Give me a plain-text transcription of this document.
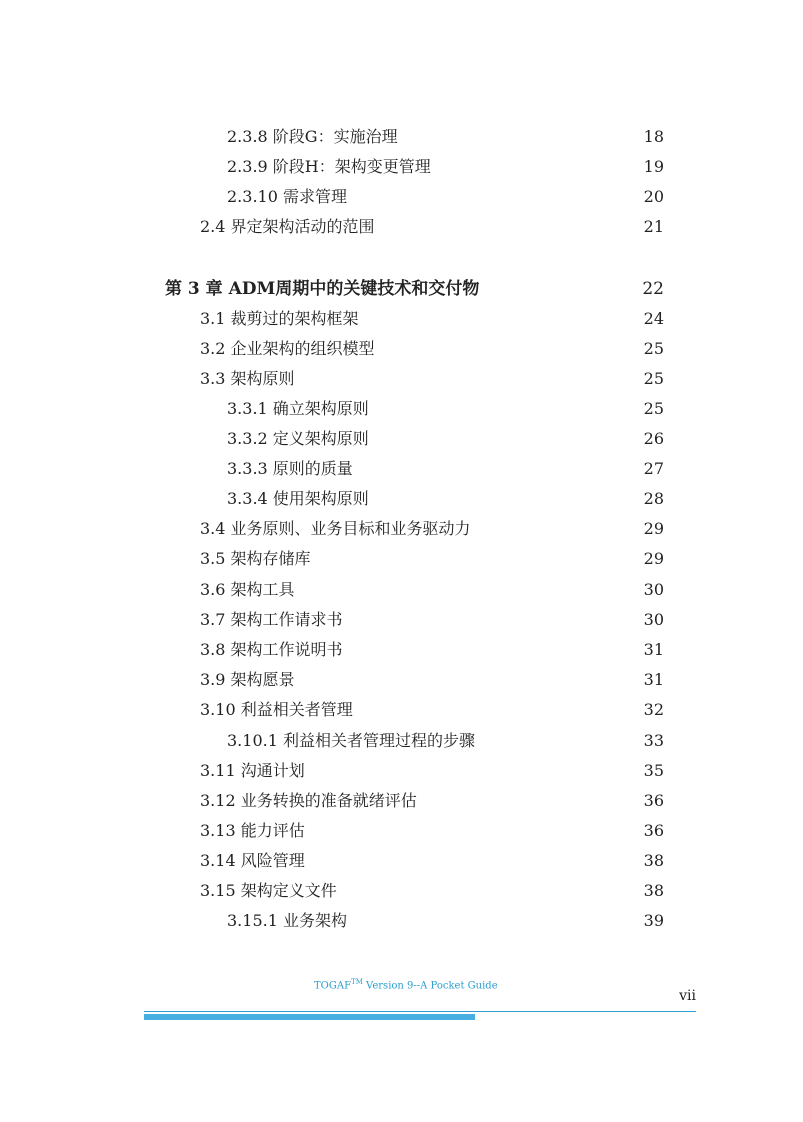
2.3.8 阶段G：实施治理	18
2.3.9 阶段H：架构变更管理	19
2.3.10 需求管理	20
2.4 界定架构活动的范围	21
第 3 章 ADM周期中的关键技术和交付物	22
3.1 裁剪过的架构框架	24
3.2 企业架构的组织模型	25
3.3 架构原则	25
3.3.1 确立架构原则	25
3.3.2 定义架构原则	26
3.3.3 原则的质量	27
3.3.4 使用架构原则	28
3.4 业务原则、业务目标和业务驱动力	29
3.5 架构存储库	29
3.6 架构工具	30
3.7 架构工作请求书	30
3.8 架构工作说明书	31
3.9 架构愿景	31
3.10 利益相关者管理	32
3.10.1 利益相关者管理过程的步骤	33
3.11 沟通计划	35
3.12 业务转换的准备就绪评估	36
3.13 能力评估	36
3.14 风险管理	38
3.15 架构定义文件	38
3.15.1 业务架构	39
TOGAF™ Version 9--A Pocket Guide
vii
